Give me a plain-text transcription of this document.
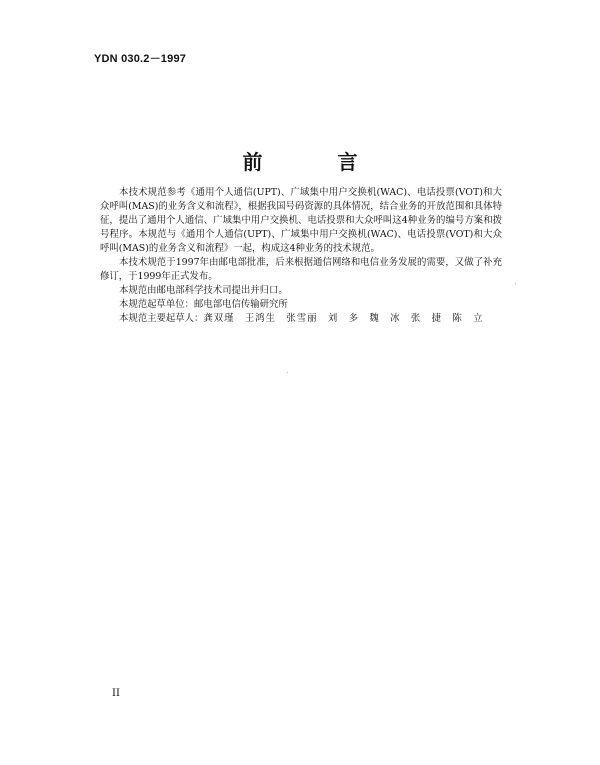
YDN 030.2－1997
前 言

本技术规范参考《通用个人通信(UPT)、广域集中用户交换机(WAC)、电话投票(VOT)和大众呼叫(MAS)的业务含义和流程》，根据我国号码资源的具体情况，结合业务的开放范围和具体特征，提出了通用个人通信、广域集中用户交换机、电话投票和大众呼叫这4种业务的编号方案和拨号程序。本规范与《通用个人通信(UPT)、广域集中用户交换机(WAC)、电话投票(VOT)和大众呼叫(MAS)的业务含义和流程》一起，构成这4种业务的技术规范。

本技术规范于1997年由邮电部批准，后来根据通信网络和电信业务发展的需要，又做了补充修订，于1999年正式发布。

本规范由邮电部科学技术司提出并归口。

本规范起草单位：邮电部电信传输研究所

本规范主要起草人：龚双瑾　王鸿生　张雪丽　刘　多　魏　冰　张　捷　陈　立

II
